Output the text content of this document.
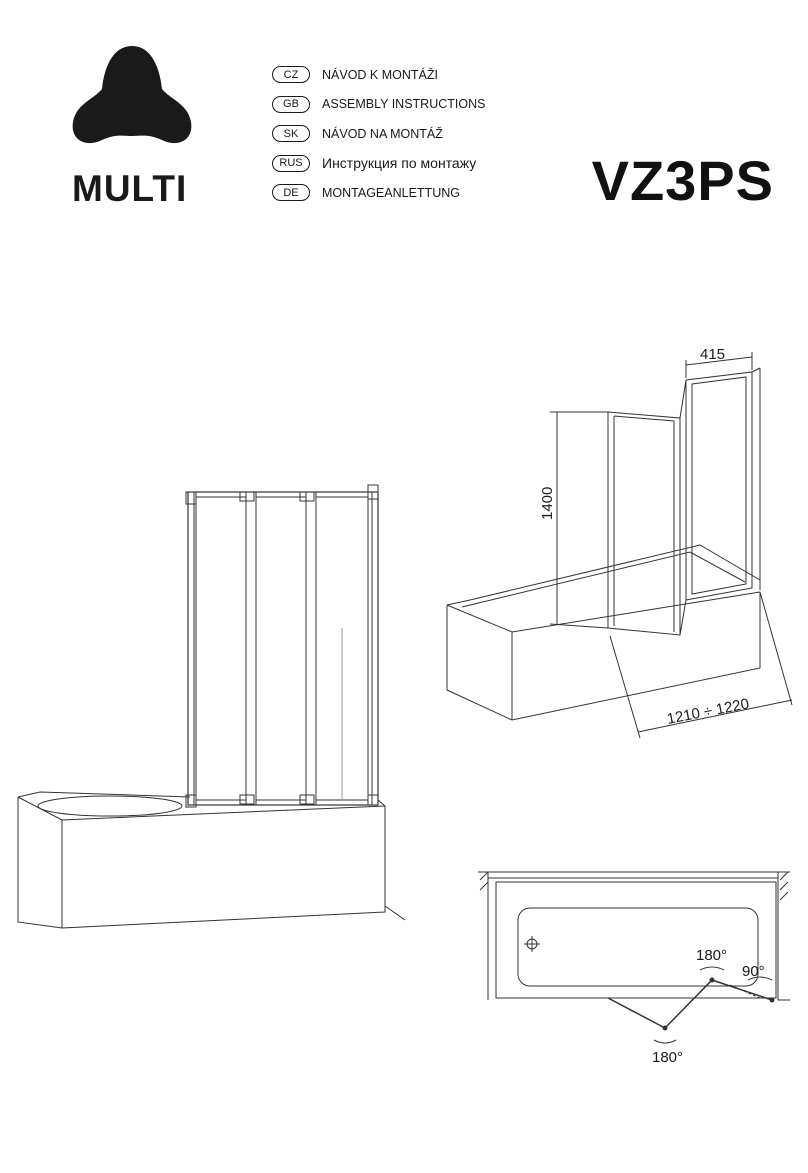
MULTI
CZ	NÁVOD K MONTÁŽI
GB	ASSEMBLY INSTRUCTIONS
SK	NÁVOD NA MONTÁŽ
RUS	Инструкция по монтажу
DE	MONTAGEANLETTUNG VZ3PS
415
1400
1210 ÷ 1220
180°
90°
180°
